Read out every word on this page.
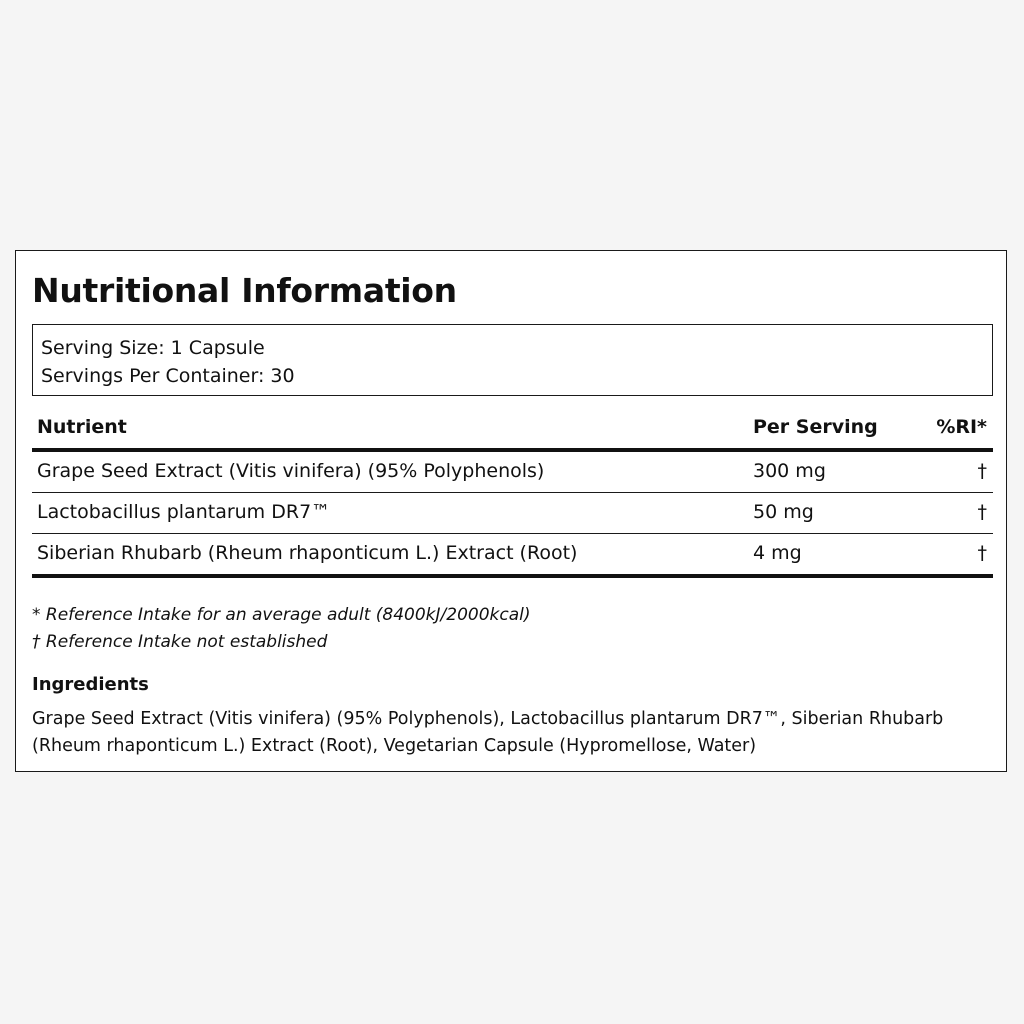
Nutritional Information
Serving Size: 1 Capsule
Servings Per Container: 30
Nutrient	Per Serving	%RI*
Grape Seed Extract (Vitis vinifera) (95% Polyphenols)	300 mg	†
Lactobacillus plantarum DR7™	50 mg	†
Siberian Rhubarb (Rheum rhaponticum L.) Extract (Root)	4 mg	†
* Reference Intake for an average adult (8400kJ/2000kcal)
† Reference Intake not established
Ingredients
Grape Seed Extract (Vitis vinifera) (95% Polyphenols), Lactobacillus plantarum DR7™, Siberian Rhubarb (Rheum rhaponticum L.) Extract (Root), Vegetarian Capsule (Hypromellose, Water)
